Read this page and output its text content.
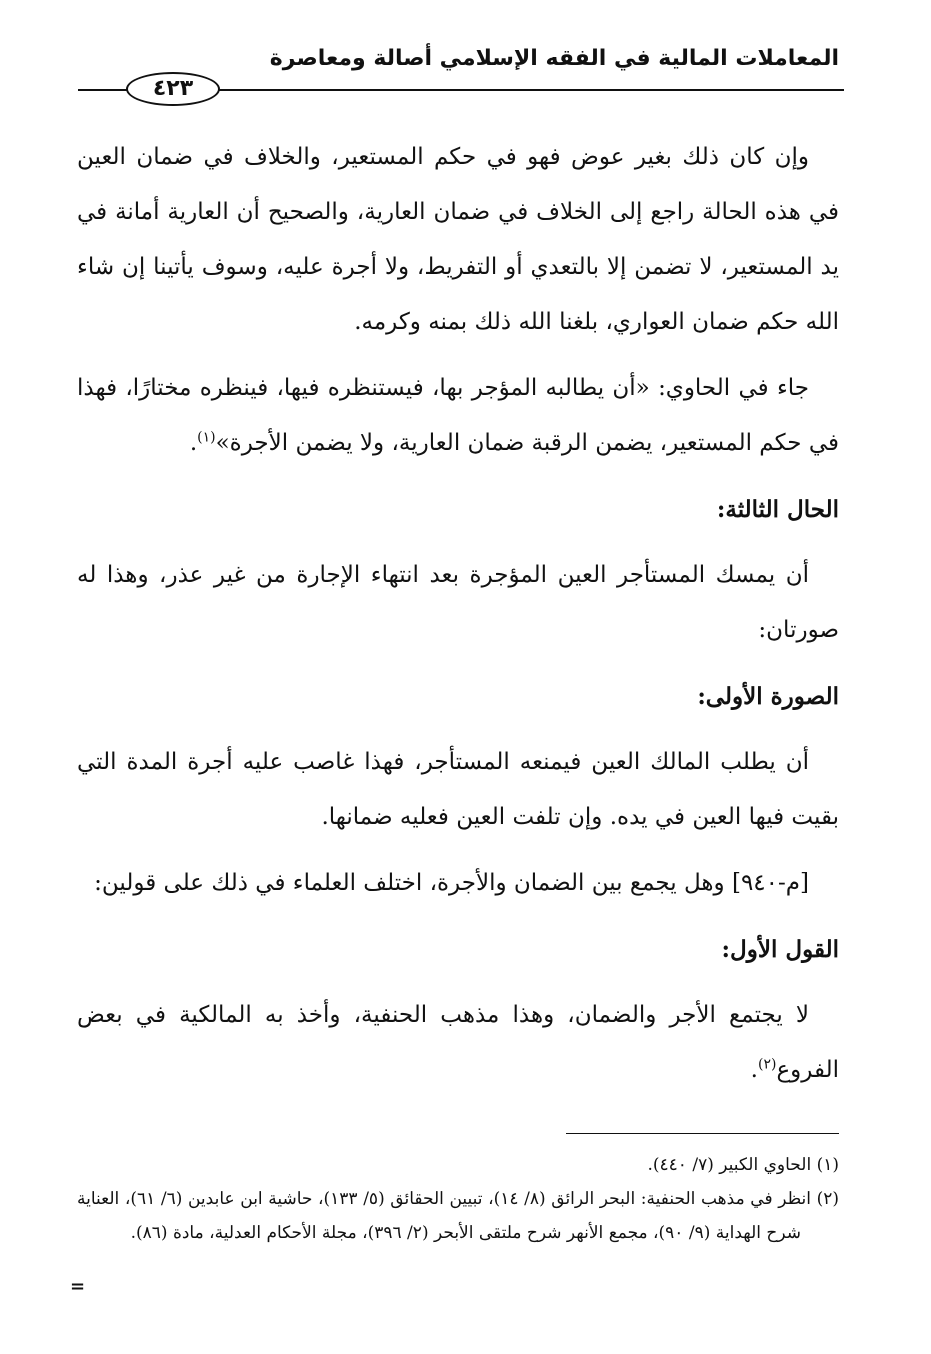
المعاملات المالية في الفقه الإسلامي أصالة ومعاصرة
٤٢٣

وإن كان ذلك بغير عوض فهو في حكم المستعير، والخلاف في ضمان العين في هذه الحالة راجع إلى الخلاف في ضمان العارية، والصحيح أن العارية أمانة في يد المستعير، لا تضمن إلا بالتعدي أو التفريط، ولا أجرة عليه، وسوف يأتينا إن شاء الله حكم ضمان العواري، بلغنا الله ذلك بمنه وكرمه.

جاء في الحاوي: «أن يطالبه المؤجر بها، فيستنظره فيها، فينظره مختارًا، فهذا في حكم المستعير، يضمن الرقبة ضمان العارية، ولا يضمن الأجرة»$^{(١)}$.

الحال الثالثة:

أن يمسك المستأجر العين المؤجرة بعد انتهاء الإجارة من غير عذر، وهذا له صورتان:

الصورة الأولى:

أن يطلب المالك العين فيمنعه المستأجر، فهذا غاصب عليه أجرة المدة التي بقيت فيها العين في يده. وإن تلفت العين فعليه ضمانها.

[م-٩٤٠] وهل يجمع بين الضمان والأجرة، اختلف العلماء في ذلك على قولين:

القول الأول:

لا يجتمع الأجر والضمان، وهذا مذهب الحنفية، وأخذ به المالكية في بعض الفروع$^{(٢)}$.

(١) الحاوي الكبير (٧/ ٤٤٠).

(٢) انظر في مذهب الحنفية: البحر الرائق (٨/ ١٤)، تبيين الحقائق (٥/ ١٣٣)، حاشية ابن عابدين (٦/ ٦١)، العناية شرح الهداية (٩/ ٩٠)، مجمع الأنهر شرح ملتقى الأبحر (٢/ ٣٩٦)، مجلة الأحكام العدلية، مادة (٨٦).

=
